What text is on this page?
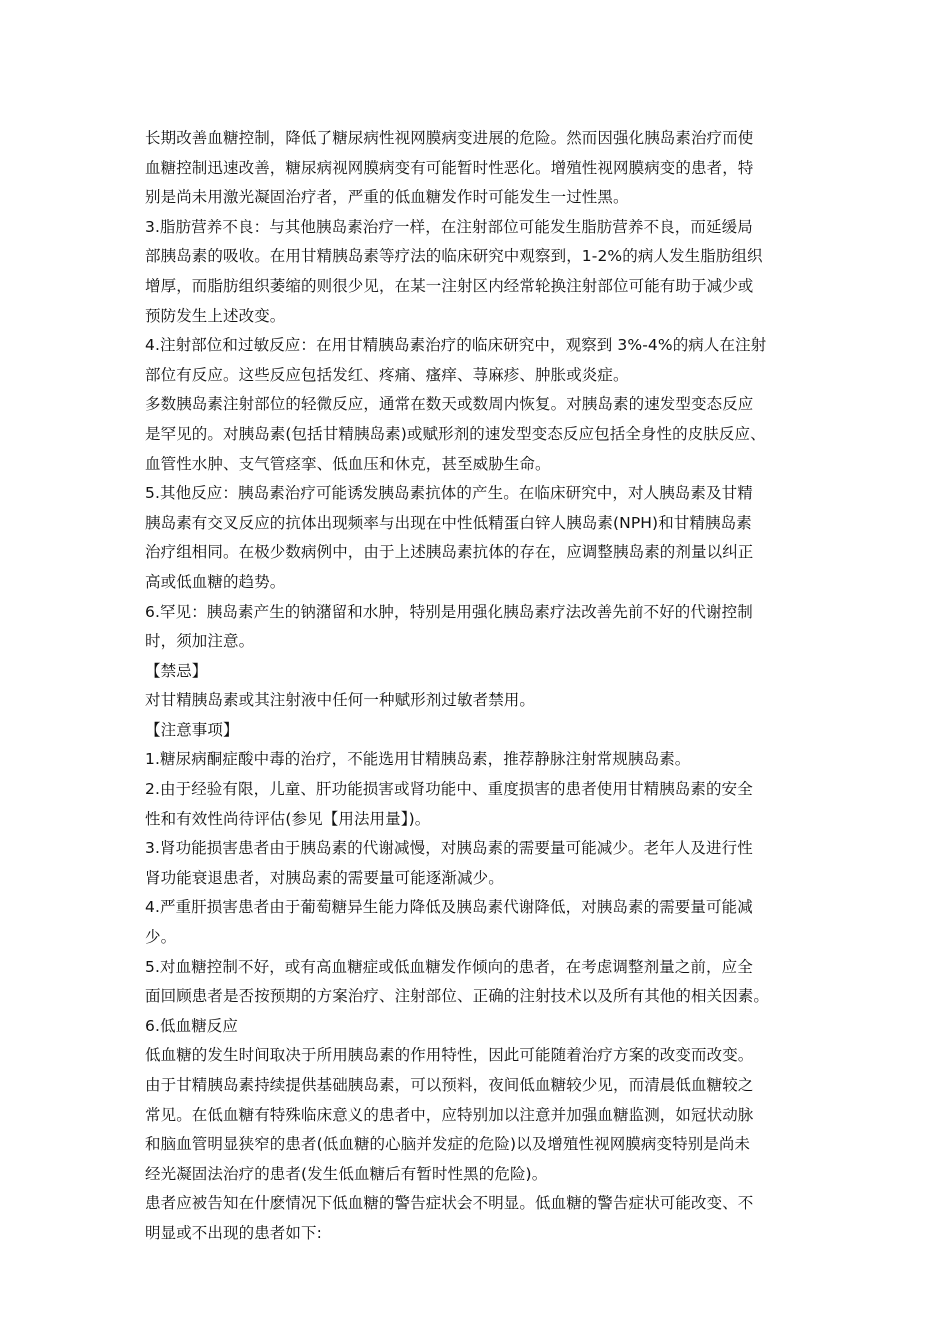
长期改善血糖控制，降低了糖尿病性视网膜病变进展的危险。然而因强化胰岛素治疗而使
血糖控制迅速改善，糖尿病视网膜病变有可能暂时性恶化。增殖性视网膜病变的患者，特
别是尚未用激光凝固治疗者，严重的低血糖发作时可能发生一过性黑。
3.脂肪营养不良：与其他胰岛素治疗一样，在注射部位可能发生脂肪营养不良，而延缓局
部胰岛素的吸收。在用甘精胰岛素等疗法的临床研究中观察到，1-2%的病人发生脂肪组织
增厚，而脂肪组织萎缩的则很少见，在某一注射区内经常轮换注射部位可能有助于减少或
预防发生上述改变。
4.注射部位和过敏反应：在用甘精胰岛素治疗的临床研究中，观察到 3%-4%的病人在注射
部位有反应。这些反应包括发红、疼痛、瘙痒、荨麻疹、肿胀或炎症。
多数胰岛素注射部位的轻微反应，通常在数天或数周内恢复。对胰岛素的速发型变态反应
是罕见的。对胰岛素(包括甘精胰岛素)或赋形剂的速发型变态反应包括全身性的皮肤反应、
血管性水肿、支气管痉挛、低血压和休克，甚至威胁生命。
5.其他反应：胰岛素治疗可能诱发胰岛素抗体的产生。在临床研究中，对人胰岛素及甘精
胰岛素有交叉反应的抗体出现频率与出现在中性低精蛋白锌人胰岛素(NPH)和甘精胰岛素
治疗组相同。在极少数病例中，由于上述胰岛素抗体的存在，应调整胰岛素的剂量以纠正
高或低血糖的趋势。
6.罕见：胰岛素产生的钠潴留和水肿，特别是用强化胰岛素疗法改善先前不好的代谢控制
时，须加注意。
【禁忌】
对甘精胰岛素或其注射液中任何一种赋形剂过敏者禁用。
【注意事项】
1.糖尿病酮症酸中毒的治疗，不能选用甘精胰岛素，推荐静脉注射常规胰岛素。
2.由于经验有限，儿童、肝功能损害或肾功能中、重度损害的患者使用甘精胰岛素的安全
性和有效性尚待评估(参见【用法用量】)。
3.肾功能损害患者由于胰岛素的代谢减慢，对胰岛素的需要量可能减少。老年人及进行性
肾功能衰退患者，对胰岛素的需要量可能逐渐减少。
4.严重肝损害患者由于葡萄糖异生能力降低及胰岛素代谢降低，对胰岛素的需要量可能减
少。
5.对血糖控制不好，或有高血糖症或低血糖发作倾向的患者，在考虑调整剂量之前，应全
面回顾患者是否按预期的方案治疗、注射部位、正确的注射技术以及所有其他的相关因素。
6.低血糖反应
低血糖的发生时间取决于所用胰岛素的作用特性，因此可能随着治疗方案的改变而改变。
由于甘精胰岛素持续提供基础胰岛素，可以预料，夜间低血糖较少见，而清晨低血糖较之
常见。在低血糖有特殊临床意义的患者中，应特别加以注意并加强血糖监测，如冠状动脉
和脑血管明显狭窄的患者(低血糖的心脑并发症的危险)以及增殖性视网膜病变特别是尚未
经光凝固法治疗的患者(发生低血糖后有暂时性黑的危险)。
患者应被告知在什麽情况下低血糖的警告症状会不明显。低血糖的警告症状可能改变、不
明显或不出现的患者如下:
